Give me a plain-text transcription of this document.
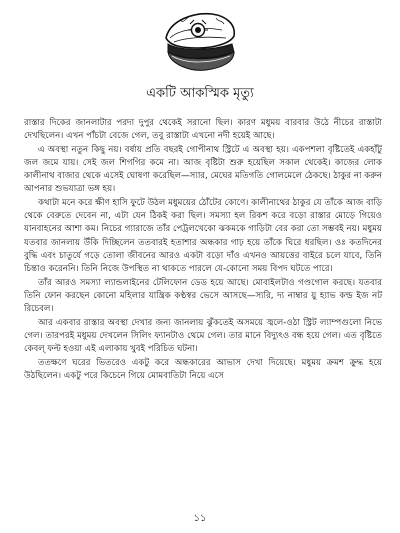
একটি আকস্মিক মৃত্যু

রাস্তার দিকের জানলাটার পরদা দুপুর থেকেই সরানো ছিল। কারণ মধুময় বারবার উঠে নীচের রাস্তাটা দেখছিলেন। এখন পাঁচটা বেজে গেল, তবু রাস্তাটা এখনো নদী হয়েই আছে।

এ অবস্থা নতুন কিছু নয়। বর্ষায় প্রতি বছরই গোপীনাথ স্ট্রিটে এ অবস্থা হয়। একপশলা বৃষ্টিতেই একহাঁটু জল জমে যায়। সেই জল শিগগির কমে না। আজ বৃষ্টিটা শুরু হয়েছিল সকাল থেকেই। কাজের লোক কালীনাথ বাজার থেকে এসেই ঘোষণা করেছিল—স্যার, মেঘের মতিগতি গোলমেলে ঠেকছে। ঠাকুর না করুন আপনার শুভযাত্রা ভঙ্গ হয়।

কথাটা মনে করে ক্ষীণ হাসি ফুটে উঠল মধুময়ের ঠোঁটের কোণে। কালীনাথের ঠাকুর যে তাঁকে আজ বাড়ি থেকে বেরুতে দেবেন না, এটা যেন ঠিকই করা ছিল। সমস্যা হল রিকশ করে বড়ো রাস্তার মোড়ে গিয়েও যানবাহনের আশা কম। নিচের গ্যারাজে তাঁর পেট্রলখেকো ঝকমকে গাড়িটা বের করা তো সম্ভবই নয়। মধুময় যতবার জানলায় উঁকি দিচ্ছিলেন ততবারই হতাশার অন্ধকার গাঢ় হয়ে তাঁকে ঘিরে ধরছিল। ওঃ কতদিনের বুদ্ধি এবং চাতুর্যে গড়ে তোলা জীবনের আরও একটা বড়ো দাঁও এখনও আয়ত্তের বাইরে চলে যাবে, তিনি চিন্তাও করেননি। তিনি নিজে উপস্থিত না থাকতে পারলে যে-কোনো সময় বিপদ ঘটতে পারে।

তাঁর আরও সমস্যা ল্যান্ডলাইনের টেলিফোন ডেড হয়ে আছে। মোবাইলটাও গণ্ডগোল করছে। যতবার তিনি ফোন করছেন কোনো মহিলার যান্ত্রিক কণ্ঠস্বর ভেসে আসছে—স্যরি, দ্য নাম্বার য়ু হ্যাভ কল্ড ইজ নট রিচেবল।

আর একবার রাস্তার অবস্থা দেখার জন্য জানলায় ঝুঁকতেই অসময়ে জ্বলে-ওঠা স্ট্রিট ল্যাম্পগুলো নিভে গেল। তারপরই মধুময় দেখলেন সিলিং ফ্যানটাও থেমে গেল। তার মানে বিদ্যুৎও বন্ধ হয়ে গেল। এত বৃষ্টিতে কেবল্ ফল্ট হওয়া এই এলাকায় খুবই পরিচিত ঘটনা।

ততক্ষণে ঘরের ভিতরেও একটু করে অন্ধকারের আভাস দেখা দিয়েছে। মধুময় ক্রমশ ক্রুদ্ধ হয়ে উঠছিলেন। একটু পরে কিচেনে গিয়ে মোমবাতিটা নিয়ে এসে

১১
